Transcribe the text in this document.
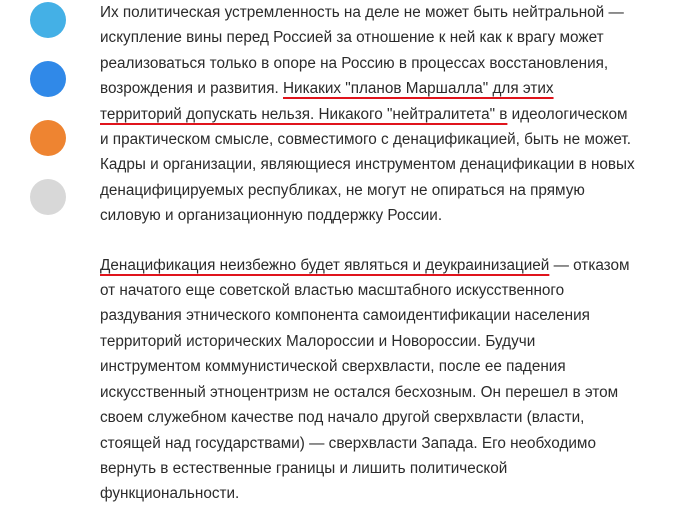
Их политическая устремленность на деле не может быть нейтральной —
искупление вины перед Россией за отношение к ней как к врагу может
реализоваться только в опоре на Россию в процессах восстановления,
возрождения и развития. Никаких "планов Маршалла" для этих
территорий допускать нельзя. Никакого "нейтралитета" в идеологическом
и практическом смысле, совместимого с денацификацией, быть не может.
Кадры и организации, являющиеся инструментом денацификации в новых
денацифицируемых республиках, не могут не опираться на прямую
силовую и организационную поддержку России.

Денацификация неизбежно будет являться и деукраинизацией — отказом
от начатого еще советской властью масштабного искусственного
раздувания этнического компонента самоидентификации населения
территорий исторических Малороссии и Новороссии. Будучи
инструментом коммунистической сверхвласти, после ее падения
искусственный этноцентризм не остался бесхозным. Он перешел в этом
своем служебном качестве под начало другой сверхвласти (власти,
стоящей над государствами) — сверхвласти Запада. Его необходимо
вернуть в естественные границы и лишить политической
функциональности.
